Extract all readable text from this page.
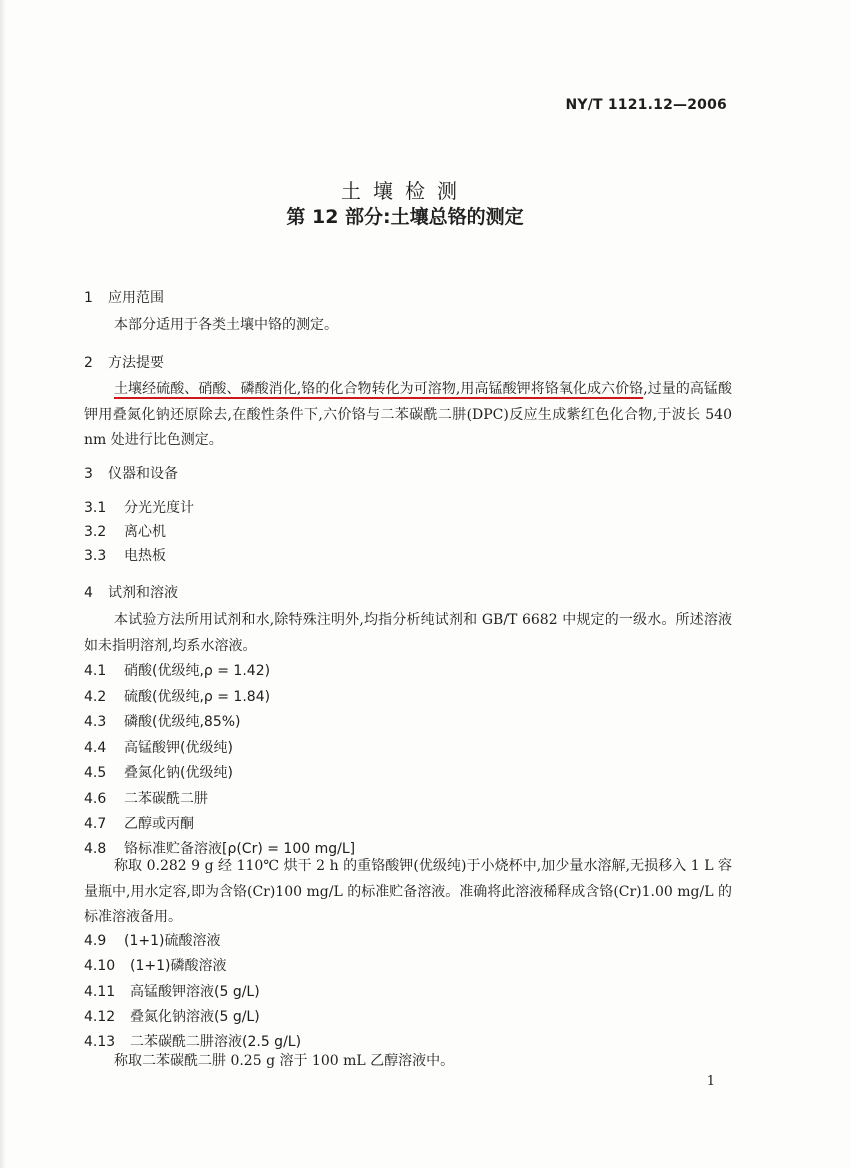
NY/T 1121.12—2006
土壤检测
第 12 部分:土壤总铬的测定
1 应用范围
本部分适用于各类土壤中铬的测定。
2 方法提要
土壤经硫酸、硝酸、磷酸消化,铬的化合物转化为可溶物,用高锰酸钾将铬氧化成六价铬,过量的高锰酸钾用叠氮化钠还原除去,在酸性条件下,六价铬与二苯碳酰二肼(DPC)反应生成紫红色化合物,于波长 540 nm 处进行比色测定。
3 仪器和设备
3.1 分光光度计
3.2 离心机
3.3 电热板
4 试剂和溶液
本试验方法所用试剂和水,除特殊注明外,均指分析纯试剂和 GB/T 6682 中规定的一级水。所述溶液如未指明溶剂,均系水溶液。
4.1 硝酸(优级纯,ρ = 1.42)
4.2 硫酸(优级纯,ρ = 1.84)
4.3 磷酸(优级纯,85%)
4.4 高锰酸钾(优级纯)
4.5 叠氮化钠(优级纯)
4.6 二苯碳酰二肼
4.7 乙醇或丙酮
4.8 铬标准贮备溶液[ρ(Cr) = 100 mg/L]
称取 0.282 9 g 经 110℃ 烘干 2 h 的重铬酸钾(优级纯)于小烧杯中,加少量水溶解,无损移入 1 L 容量瓶中,用水定容,即为含铬(Cr)100 mg/L 的标准贮备溶液。准确将此溶液稀释成含铬(Cr)1.00 mg/L 的标准溶液备用。
4.9 (1+1)硫酸溶液
4.10 (1+1)磷酸溶液
4.11 高锰酸钾溶液(5 g/L)
4.12 叠氮化钠溶液(5 g/L)
4.13 二苯碳酰二肼溶液(2.5 g/L)
称取二苯碳酰二肼 0.25 g 溶于 100 mL 乙醇溶液中。
1
